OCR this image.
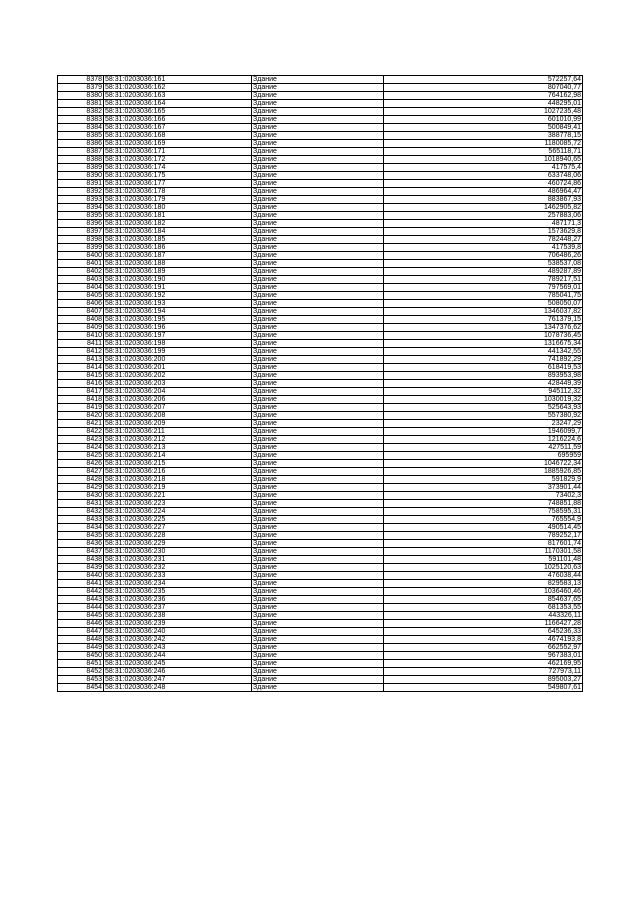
8378	58:31:0203036:161	Здание	572257,64
8379	58:31:0203036:162	Здание	807040,77
8380	58:31:0203036:163	Здание	764162,98
8381	58:31:0203036:164	Здание	448295,01
8382	58:31:0203036:165	Здание	1027235,48
8383	58:31:0203036:166	Здание	601010,99
8384	58:31:0203036:167	Здание	500849,41
8385	58:31:0203036:168	Здание	388778,15
8386	58:31:0203036:169	Здание	1180085,72
8387	58:31:0203036:171	Здание	565118,71
8388	58:31:0203036:172	Здание	1018940,65
8389	58:31:0203036:174	Здание	417575,4
8390	58:31:0203036:175	Здание	633748,06
8391	58:31:0203036:177	Здание	460724,86
8392	58:31:0203036:178	Здание	486964,47
8393	58:31:0203036:179	Здание	883867,93
8394	58:31:0203036:180	Здание	1462905,82
8395	58:31:0203036:181	Здание	257883,06
8396	58:31:0203036:182	Здание	487171,3
8397	58:31:0203036:184	Здание	1573629,8
8398	58:31:0203036:185	Здание	782448,27
8399	58:31:0203036:186	Здание	417539,8
8400	58:31:0203036:187	Здание	706486,26
8401	58:31:0203036:188	Здание	538537,08
8402	58:31:0203036:189	Здание	489287,89
8403	58:31:0203036:190	Здание	789217,51
8404	58:31:0203036:191	Здание	797569,01
8405	58:31:0203036:192	Здание	785041,75
8406	58:31:0203036:193	Здание	508050,07
8407	58:31:0203036:194	Здание	1346037,82
8408	58:31:0203036:195	Здание	761379,15
8409	58:31:0203036:196	Здание	1347376,62
8410	58:31:0203036:197	Здание	1078736,45
8411	58:31:0203036:198	Здание	1316675,34
8412	58:31:0203036:199	Здание	441342,55
8413	58:31:0203036:200	Здание	741892,29
8414	58:31:0203036:201	Здание	618419,53
8415	58:31:0203036:202	Здание	893953,98
8416	58:31:0203036:203	Здание	428449,39
8417	58:31:0203036:204	Здание	945112,32
8418	58:31:0203036:206	Здание	1030019,32
8419	58:31:0203036:207	Здание	525643,93
8420	58:31:0203036:208	Здание	557380,92
8421	58:31:0203036:209	Здание	23247,29
8422	58:31:0203036:211	Здание	1946099,7
8423	58:31:0203036:212	Здание	1216224,6
8424	58:31:0203036:213	Здание	427511,59
8425	58:31:0203036:214	Здание	695959
8426	58:31:0203036:215	Здание	1046722,34
8427	58:31:0203036:216	Здание	1885926,85
8428	58:31:0203036:218	Здание	591829,9
8429	58:31:0203036:219	Здание	373901,44
8430	58:31:0203036:221	Здание	73402,3
8431	58:31:0203036:223	Здание	748851,88
8432	58:31:0203036:224	Здание	758595,31
8433	58:31:0203036:225	Здание	765554,9
8434	58:31:0203036:227	Здание	490514,45
8435	58:31:0203036:228	Здание	789252,17
8436	58:31:0203036:229	Здание	817601,74
8437	58:31:0203036:230	Здание	1170301,58
8438	58:31:0203036:231	Здание	591101,48
8439	58:31:0203036:232	Здание	1025120,63
8440	58:31:0203036:233	Здание	476038,44
8441	58:31:0203036:234	Здание	829583,13
8442	58:31:0203036:235	Здание	1036460,46
8443	58:31:0203036:236	Здание	854637,65
8444	58:31:0203036:237	Здание	681353,55
8445	58:31:0203036:238	Здание	443326,11
8446	58:31:0203036:239	Здание	1166427,28
8447	58:31:0203036:240	Здание	645236,33
8448	58:31:0203036:242	Здание	4674193,8
8449	58:31:0203036:243	Здание	662552,97
8450	58:31:0203036:244	Здание	967383,01
8451	58:31:0203036:245	Здание	462169,95
8452	58:31:0203036:246	Здание	727973,11
8453	58:31:0203036:247	Здание	895003,27
8454	58:31:0203036:248	Здание	549807,61
